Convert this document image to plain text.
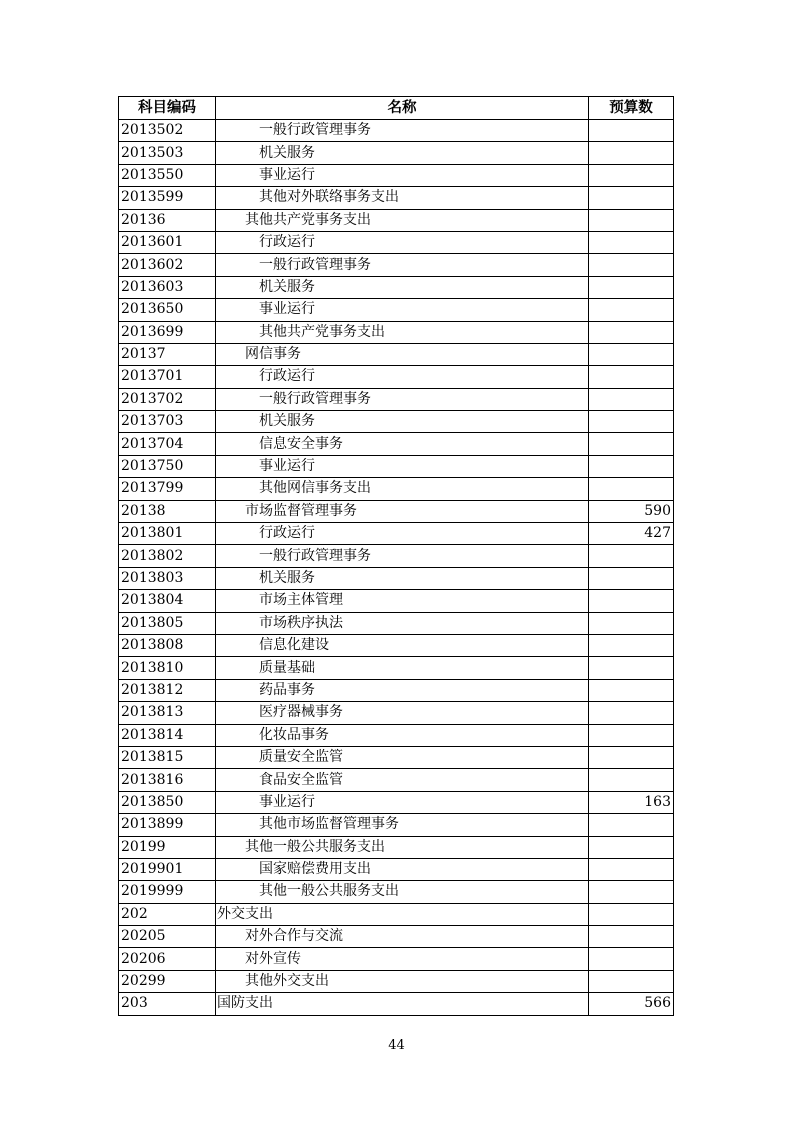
科目编码	名称	预算数
2013502	一般行政管理事务	
2013503	机关服务	
2013550	事业运行	
2013599	其他对外联络事务支出	
20136	其他共产党事务支出	
2013601	行政运行	
2013602	一般行政管理事务	
2013603	机关服务	
2013650	事业运行	
2013699	其他共产党事务支出	
20137	网信事务	
2013701	行政运行	
2013702	一般行政管理事务	
2013703	机关服务	
2013704	信息安全事务	
2013750	事业运行	
2013799	其他网信事务支出	
20138	市场监督管理事务	590
2013801	行政运行	427
2013802	一般行政管理事务	
2013803	机关服务	
2013804	市场主体管理	
2013805	市场秩序执法	
2013808	信息化建设	
2013810	质量基础	
2013812	药品事务	
2013813	医疗器械事务	
2013814	化妆品事务	
2013815	质量安全监管	
2013816	食品安全监管	
2013850	事业运行	163
2013899	其他市场监督管理事务	
20199	其他一般公共服务支出	
2019901	国家赔偿费用支出	
2019999	其他一般公共服务支出	
202	外交支出	
20205	对外合作与交流	
20206	对外宣传	
20299	其他外交支出	
203	国防支出	566
44
